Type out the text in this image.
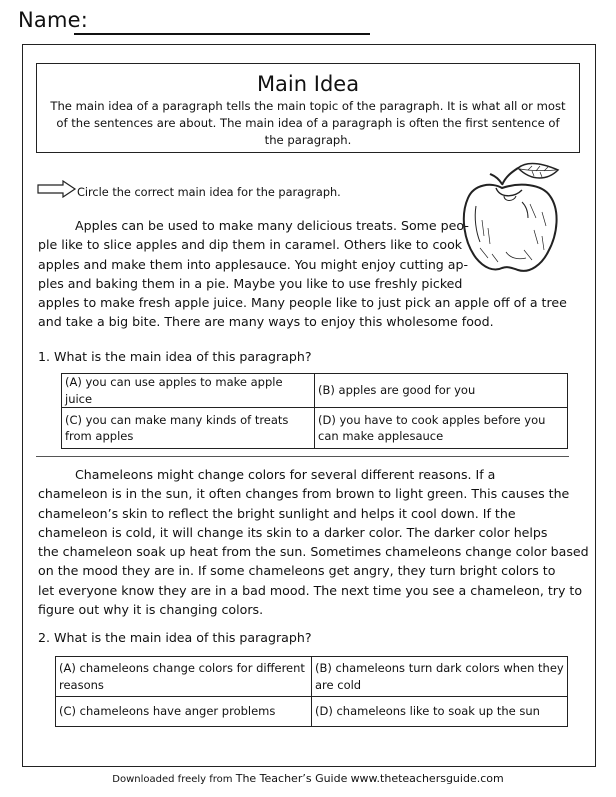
Name:
Main Idea
The main idea of a paragraph tells the main topic of the paragraph. It is what all or most of the sentences are about. The main idea of a paragraph is often the first sentence of the paragraph.
Circle the correct main idea for the paragraph.
Apples can be used to make many delicious treats. Some peo-
ple like to slice apples and dip them in caramel. Others like to cook
apples and make them into applesauce. You might enjoy cutting ap-
ples and baking them in a pie. Maybe you like to use freshly picked
apples to make fresh apple juice. Many people like to just pick an apple off of a tree
and take a big bite. There are many ways to enjoy this wholesome food.
1. What is the main idea of this paragraph?
(A) you can use apples to make apple juice	(B) apples are good for you
(C) you can make many kinds of treats from apples	(D) you have to cook apples before you can make applesauce
Chameleons might change colors for several different reasons. If a
chameleon is in the sun, it often changes from brown to light green. This causes the
chameleon’s skin to reflect the bright sunlight and helps it cool down. If the
chameleon is cold, it will change its skin to a darker color. The darker color helps
the chameleon soak up heat from the sun. Sometimes chameleons change color based
on the mood they are in. If some chameleons get angry, they turn bright colors to
let everyone know they are in a bad mood. The next time you see a chameleon, try to
figure out why it is changing colors.
2. What is the main idea of this paragraph?
(A) chameleons change colors for different reasons	(B) chameleons turn dark colors when they are cold
(C) chameleons have anger problems	(D) chameleons like to soak up the sun
Downloaded freely from The Teacher’s Guide www.theteachersguide.com
